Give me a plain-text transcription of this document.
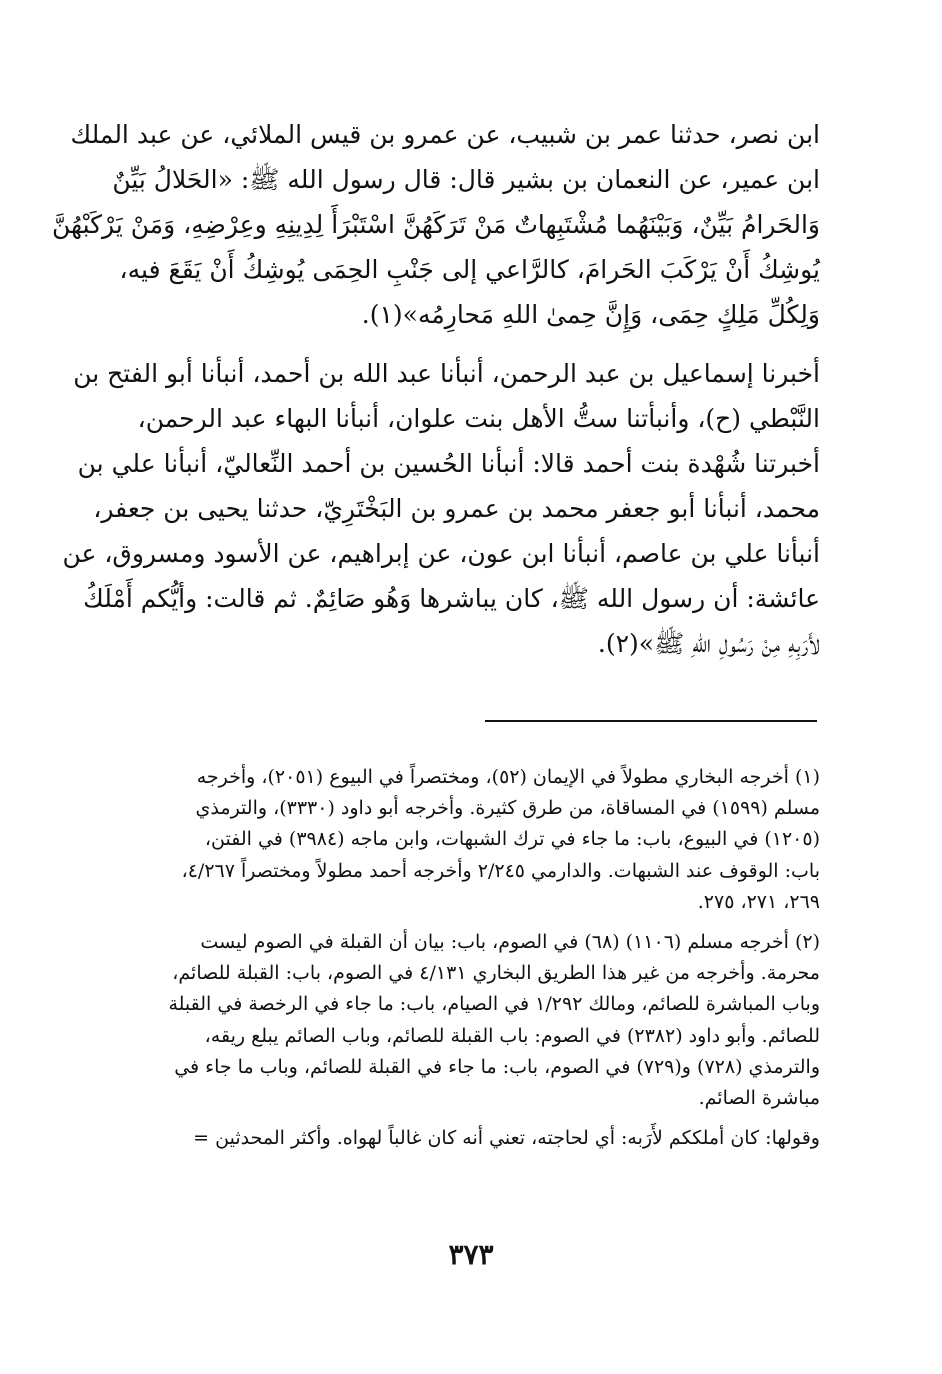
ابن نصر، حدثنا عمر بن شبيب، عن عمرو بن قيس الملائي، عن عبد الملك
ابن عمير، عن النعمان بن بشير قال: قال رسول الله ﷺ: «الحَلالُ بَيِّنٌ
وَالحَرامُ بَيِّنٌ، وَبَيْنَهُما مُشْتَبِهاتٌ مَنْ تَرَكَهُنَّ اسْتَبْرَأَ لِدِينِهِ وعِرْضِهِ، وَمَنْ يَرْكَبْهُنَّ
يُوشِكُ أَنْ يَرْكَبَ الحَرامَ، كالرَّاعي إلى جَنْبِ الحِمَى يُوشِكُ أَنْ يَقَعَ فيه،
وَلِكُلِّ مَلِكٍ حِمَى، وَإِنَّ حِمىٰ اللهِ مَحارِمُه»(١).
أخبرنا إسماعيل بن عبد الرحمن، أنبأنا عبد الله بن أحمد، أنبأنا أبو الفتح بن
النَّبْطي (ح)، وأنبأتنا ستُّ الأهل بنت علوان، أنبأنا البهاء عبد الرحمن،
أخبرتنا شُهْدة بنت أحمد قالا: أنبأنا الحُسين بن أحمد النِّعاليّ، أنبأنا علي بن
محمد، أنبأنا أبو جعفر محمد بن عمرو بن البَخْتَرِيّ، حدثنا يحيى بن جعفر،
أنبأنا علي بن عاصم، أنبأنا ابن عون، عن إبراهيم، عن الأسود ومسروق، عن
عائشة: أن رسول الله ﷺ، كان يباشرها وَهُو صَائِمٌ. ثم قالت: وأيُّكم أَمْلَكُ
لأَرَبِهِ مِنْ رَسُولِ اللهِ ﷺ»(٢).
(١) أخرجه البخاري مطولاً في الإيمان (٥٢)، ومختصراً في البيوع (٢٠٥١)، وأخرجه
مسلم (١٥٩٩) في المساقاة، من طرق كثيرة. وأخرجه أبو داود (٣٣٣٠)، والترمذي
(١٢٠٥) في البيوع، باب: ما جاء في ترك الشبهات، وابن ماجه (٣٩٨٤) في الفتن،
باب: الوقوف عند الشبهات. والدارمي ٢/٢٤٥ وأخرجه أحمد مطولاً ومختصراً ٤/٢٦٧،
٢٦٩، ٢٧١، ٢٧٥.
(٢) أخرجه مسلم (١١٠٦) (٦٨) في الصوم، باب: بيان أن القبلة في الصوم ليست
محرمة. وأخرجه من غير هذا الطريق البخاري ٤/١٣١ في الصوم، باب: القبلة للصائم،
وباب المباشرة للصائم، ومالك ١/٢٩٢ في الصيام، باب: ما جاء في الرخصة في القبلة
للصائم. وأبو داود (٢٣٨٢) في الصوم: باب القبلة للصائم، وباب الصائم يبلع ريقه،
والترمذي (٧٢٨) و(٧٢٩) في الصوم، باب: ما جاء في القبلة للصائم، وباب ما جاء في
مباشرة الصائم.
وقولها: كان أملككم لأَرَبه: أي لحاجته، تعني أنه كان غالباً لهواه. وأكثر المحدثين =
٣٧٣
